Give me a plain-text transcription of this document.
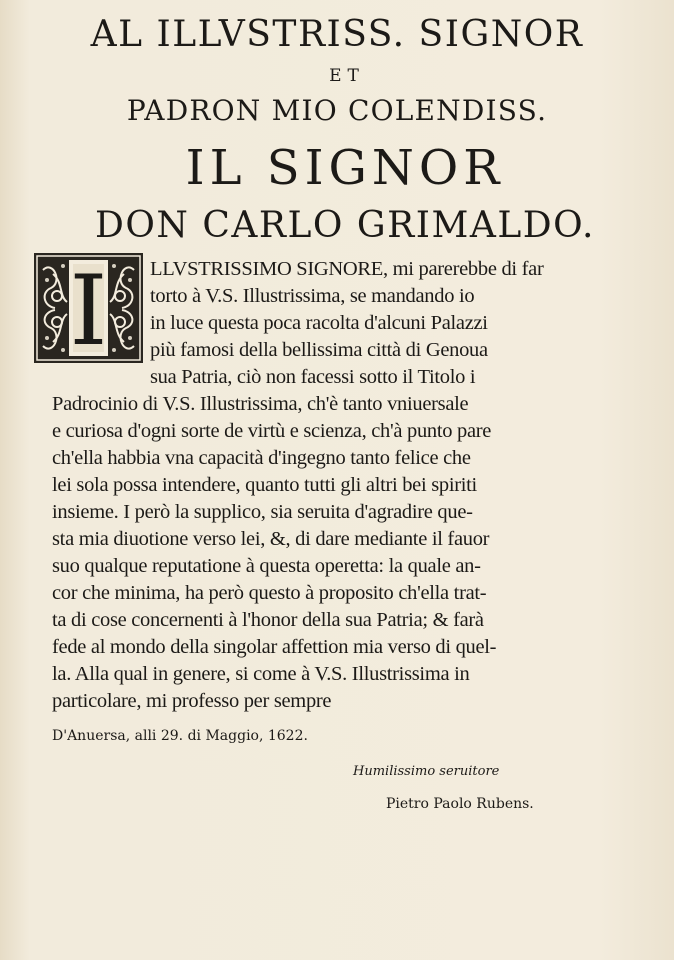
AL ILLVSTRISS. SIGNOR
ET
PADRON MIO COLENDISS.
IL SIGNOR
DON CARLO GRIMALDO.
I LLVSTRISSIMO SIGNORE, mi parerebbe di far
torto à V.S. Illustrissima, se mandando io
in luce questa poca racolta d'alcuni Palazzi
più famosi della bellissima città di Genoua
sua Patria, ciò non facessi sotto il Titolo i
Padrocinio di V.S. Illustrissima, ch'è tanto vniuersale
e curiosa d'ogni sorte de virtù e scienza, ch'à punto pare
ch'ella habbia vna capacità d'ingegno tanto felice che
lei sola possa intendere, quanto tutti gli altri bei spiriti
insieme. I però la supplico, sia seruita d'agradire que-
sta mia diuotione verso lei, &, di dare mediante il fauor
suo qualque reputatione à questa operetta: la quale an-
cor che minima, ha però questo à proposito ch'ella trat-
ta di cose concernenti à l'honor della sua Patria; & farà
fede al mondo della singolar affettion mia verso di quel-
la. Alla qual in genere, si come à V.S. Illustrissima in
particolare, mi professo per sempre
D'Anuersa, alli 29. di Maggio, 1622.
Humilissimo seruitore
Pietro Paolo Rubens.
